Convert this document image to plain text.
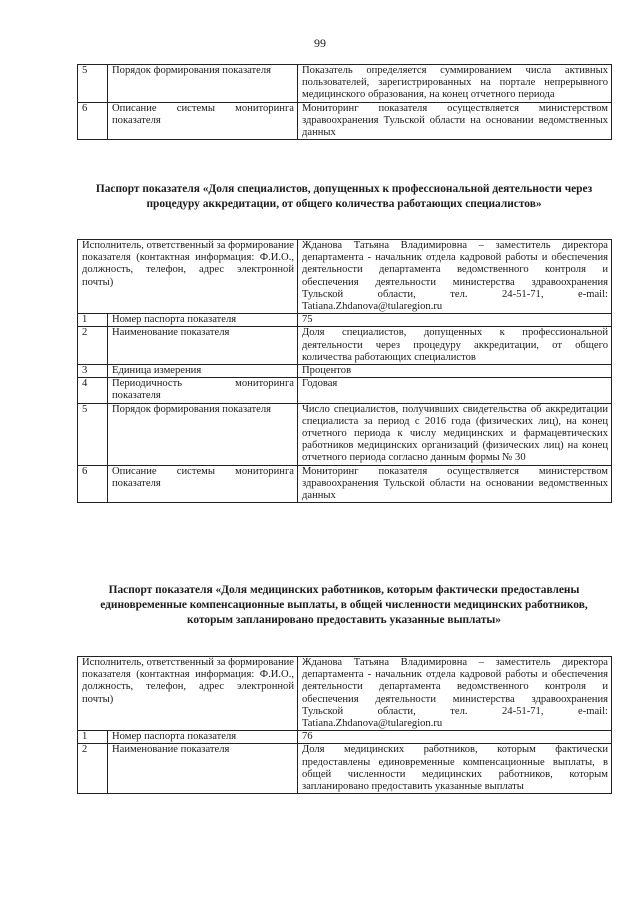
99
5	Порядок формирования показателя	Показатель определяется суммированием числа активных пользователей, зарегистрированных на портале непрерывного медицинского образования, на конец отчетного периода
6	Описание системы мониторинга показателя	Мониторинг показателя осуществляется министерством здравоохранения Тульской области на основании ведомственных данных
Паспорт показателя «Доля специалистов, допущенных к профессиональной деятельности через процедуру аккредитации, от общего количества работающих специалистов»
Исполнитель, ответственный за формирование показателя (контактная информация: Ф.И.О., должность, телефон, адрес электронной почты)		Жданова Татьяна Владимировна – заместитель директора департамента - начальник отдела кадровой работы и обеспечения деятельности департамента ведомственного контроля и обеспечения деятельности министерства здравоохранения Тульской области, тел. 24-51-71, e-mail: Tatiana.Zhdanova@tularegion.ru
1	Номер паспорта показателя	75
2	Наименование показателя	Доля специалистов, допущенных к профессиональной деятельности через процедуру аккредитации, от общего количества работающих специалистов
3	Единица измерения	Процентов
4	Периодичность мониторинга показателя	Годовая
5	Порядок формирования показателя	Число специалистов, получивших свидетельства об аккредитации специалиста за период с 2016 года (физических лиц), на конец отчетного периода к числу медицинских и фармацевтических работников медицинских организаций (физических лиц) на конец отчетного периода согласно данным формы № 30
6	Описание системы мониторинга показателя	Мониторинг показателя осуществляется министерством здравоохранения Тульской области на основании ведомственных данных
Паспорт показателя «Доля медицинских работников, которым фактически предоставлены единовременные компенсационные выплаты, в общей численности медицинских работников, которым запланировано предоставить указанные выплаты»
Исполнитель, ответственный за формирование показателя (контактная информация: Ф.И.О., должность, телефон, адрес электронной почты)		Жданова Татьяна Владимировна – заместитель директора департамента - начальник отдела кадровой работы и обеспечения деятельности департамента ведомственного контроля и обеспечения деятельности министерства здравоохранения Тульской области, тел. 24-51-71, e-mail: Tatiana.Zhdanova@tularegion.ru
1	Номер паспорта показателя	76
2	Наименование показателя	Доля медицинских работников, которым фактически предоставлены единовременные компенсационные выплаты, в общей численности медицинских работников, которым запланировано предоставить указанные выплаты
